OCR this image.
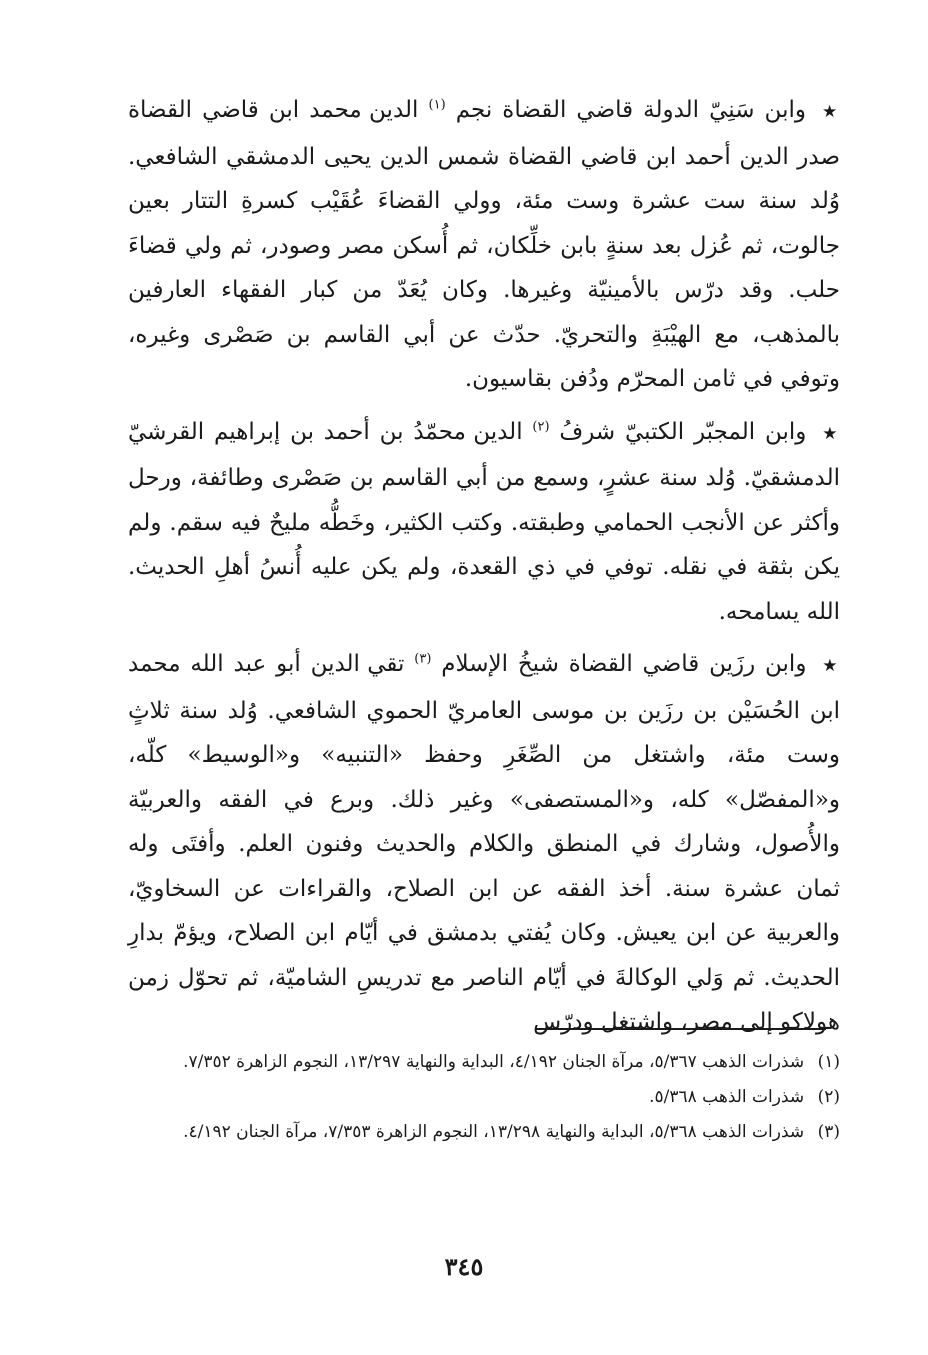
★ وابن سَنِيّ الدولة قاضي القضاة نجم $^{(١)}$ الدين محمد ابن قاضي القضاة صدر الدين أحمد ابن قاضي القضاة شمس الدين يحيى الدمشقي الشافعي. وُلد سنة ست عشرة وست مئة، وولي القضاءَ عُقَيْب كسرةِ التتار بعين جالوت، ثم عُزل بعد سنةٍ بابن خلِّكان، ثم أُسكن مصر وصودر، ثم ولي قضاءَ حلب. وقد درّس بالأمينيّة وغيرها. وكان يُعَدّ من كبار الفقهاء العارفين بالمذهب، مع الهيْبَةِ والتحريّ. حدّث عن أبي القاسم بن صَصْرى وغيره، وتوفي في ثامن المحرّم ودُفن بقاسيون.

★ وابن المجبّر الكتبيّ شرفُ $^{(٢)}$ الدين محمّدُ بن أحمد بن إبراهيم القرشيّ الدمشقيّ. وُلد سنة عشرٍ، وسمع من أبي القاسم بن صَصْرى وطائفة، ورحل وأكثر عن الأنجب الحمامي وطبقته. وكتب الكثير، وخَطُّه مليحٌ فيه سقم. ولم يكن بثقة في نقله. توفي في ذي القعدة، ولم يكن عليه أُنسُ أهلِ الحديث. الله يسامحه.

★ وابن رزَين قاضي القضاة شيخُ الإسلام $^{(٣)}$ تقي الدين أبو عبد الله محمد ابن الحُسَيْن بن رزَين بن موسى العامريّ الحموي الشافعي. وُلد سنة ثلاثٍ وست مئة، واشتغل من الصِّغَرِ وحفظ «التنبيه» و«الوسيط» كلّه، و«المفصّل» كله، و«المستصفى» وغير ذلك. وبرع في الفقه والعربيّة والأُصول، وشارك في المنطق والكلام والحديث وفنون العلم. وأفتَى وله ثمان عشرة سنة. أخذ الفقه عن ابن الصلاح، والقراءات عن السخاويّ، والعربية عن ابن يعيش. وكان يُفتي بدمشق في أيّام ابن الصلاح، ويؤمّ بدارِ الحديث. ثم وَلي الوكالةَ في أيّام الناصر مع تدريسِ الشاميّة، ثم تحوّل زمن هولاكو إلى مصر، واشتغل ودرّس

(١) شذرات الذهب ٥/٣٦٧، مرآة الجنان ٤/١٩٢، البداية والنهاية ١٣/٢٩٧، النجوم الزاهرة ٧/٣٥٢.

(٢) شذرات الذهب ٥/٣٦٨.

(٣) شذرات الذهب ٥/٣٦٨، البداية والنهاية ١٣/٢٩٨، النجوم الزاهرة ٧/٣٥٣، مرآة الجنان ٤/١٩٢.

٣٤٥
